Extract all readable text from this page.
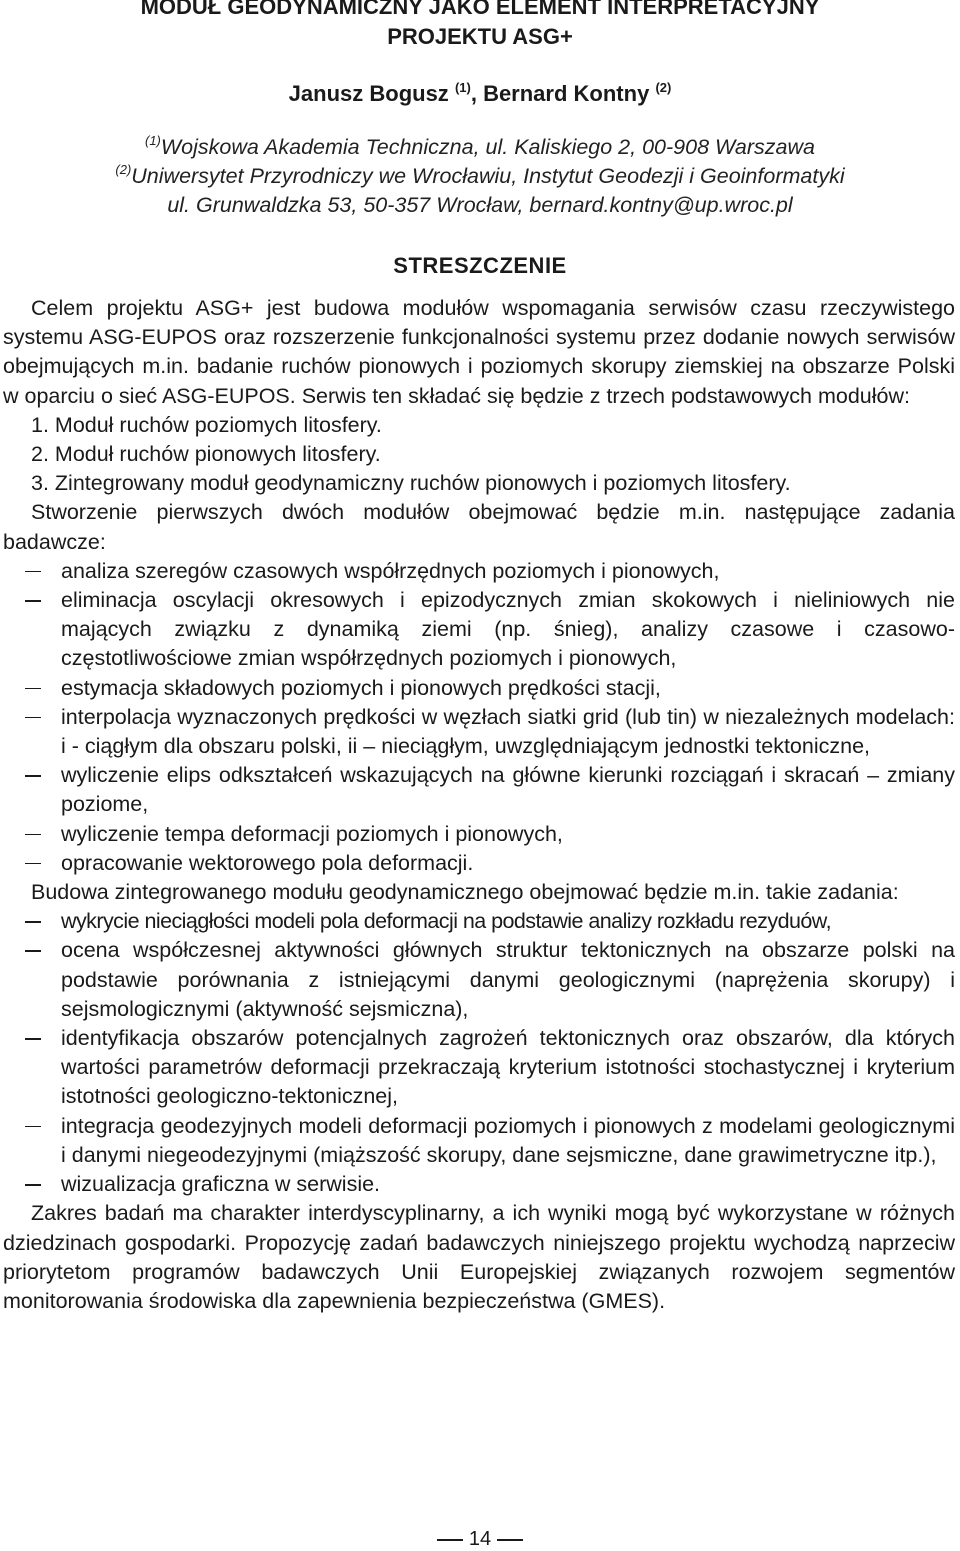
MODUŁ GEODYNAMICZNY JAKO ELEMENT INTERPRETACYJNY
PROJEKTU ASG+

Janusz Bogusz $^{(1)}$, Bernard Kontny $^{(2)}$

$^{(1)}$Wojskowa Akademia Techniczna, ul. Kaliskiego 2, 00-908 Warszawa

$^{(2)}$Uniwersytet Przyrodniczy we Wrocławiu, Instytut Geodezji i Geoinformatyki

ul. Grunwaldzka 53, 50-357 Wrocław, bernard.kontny@up.wroc.pl

STRESZCZENIE

Celem projektu ASG+ jest budowa modułów wspomagania serwisów czasu rzeczywistego systemu ASG-EUPOS oraz rozszerzenie funkcjonalności systemu przez dodanie nowych serwisów obejmujących m.in. badanie ruchów pionowych i poziomych skorupy ziemskiej na obszarze Polski w oparciu o sieć ASG-EUPOS. Serwis ten składać się będzie z trzech podstawowych modułów:

1. Moduł ruchów poziomych litosfery.

2. Moduł ruchów pionowych litosfery.

3. Zintegrowany moduł geodynamiczny ruchów pionowych i poziomych litosfery.

Stworzenie pierwszych dwóch modułów obejmować będzie m.in. następujące zadania badawcze:

analiza szeregów czasowych współrzędnych poziomych i pionowych,
eliminacja oscylacji okresowych i epizodycznych zmian skokowych i nieliniowych nie mających związku z dynamiką ziemi (np. śnieg), analizy czasowe i czasowo-częstotliwościowe zmian współrzędnych poziomych i pionowych,
estymacja składowych poziomych i pionowych prędkości stacji,
interpolacja wyznaczonych prędkości w węzłach siatki grid (lub tin) w niezależnych modelach: i - ciągłym dla obszaru polski, ii – nieciągłym, uwzględniającym jednostki tektoniczne,
wyliczenie elips odkształceń wskazujących na główne kierunki rozciągań i skracań – zmiany poziome,
wyliczenie tempa deformacji poziomych i pionowych,
opracowanie wektorowego pola deformacji.

Budowa zintegrowanego modułu geodynamicznego obejmować będzie m.in. takie zadania:

wykrycie nieciągłości modeli pola deformacji na podstawie analizy rozkładu rezyduów,
ocena współczesnej aktywności głównych struktur tektonicznych na obszarze polski na podstawie porównania z istniejącymi danymi geologicznymi (naprężenia skorupy) i sejsmologicznymi (aktywność sejsmiczna),
identyfikacja obszarów potencjalnych zagrożeń tektonicznych oraz obszarów, dla których wartości parametrów deformacji przekraczają kryterium istotności stochastycznej i kryterium istotności geologiczno-tektonicznej,
integracja geodezyjnych modeli deformacji poziomych i pionowych z modelami geologicznymi i danymi niegeodezyjnymi (miąższość skorupy, dane sejsmiczne, dane grawimetryczne itp.),
wizualizacja graficzna w serwisie.

Zakres badań ma charakter interdyscyplinarny, a ich wyniki mogą być wykorzystane w różnych dziedzinach gospodarki. Propozycję zadań badawczych niniejszego projektu wychodzą naprzeciw priorytetom programów badawczych Unii Europejskiej związanych rozwojem segmentów monitorowania środowiska dla zapewnienia bezpieczeństwa (GMES).

14
